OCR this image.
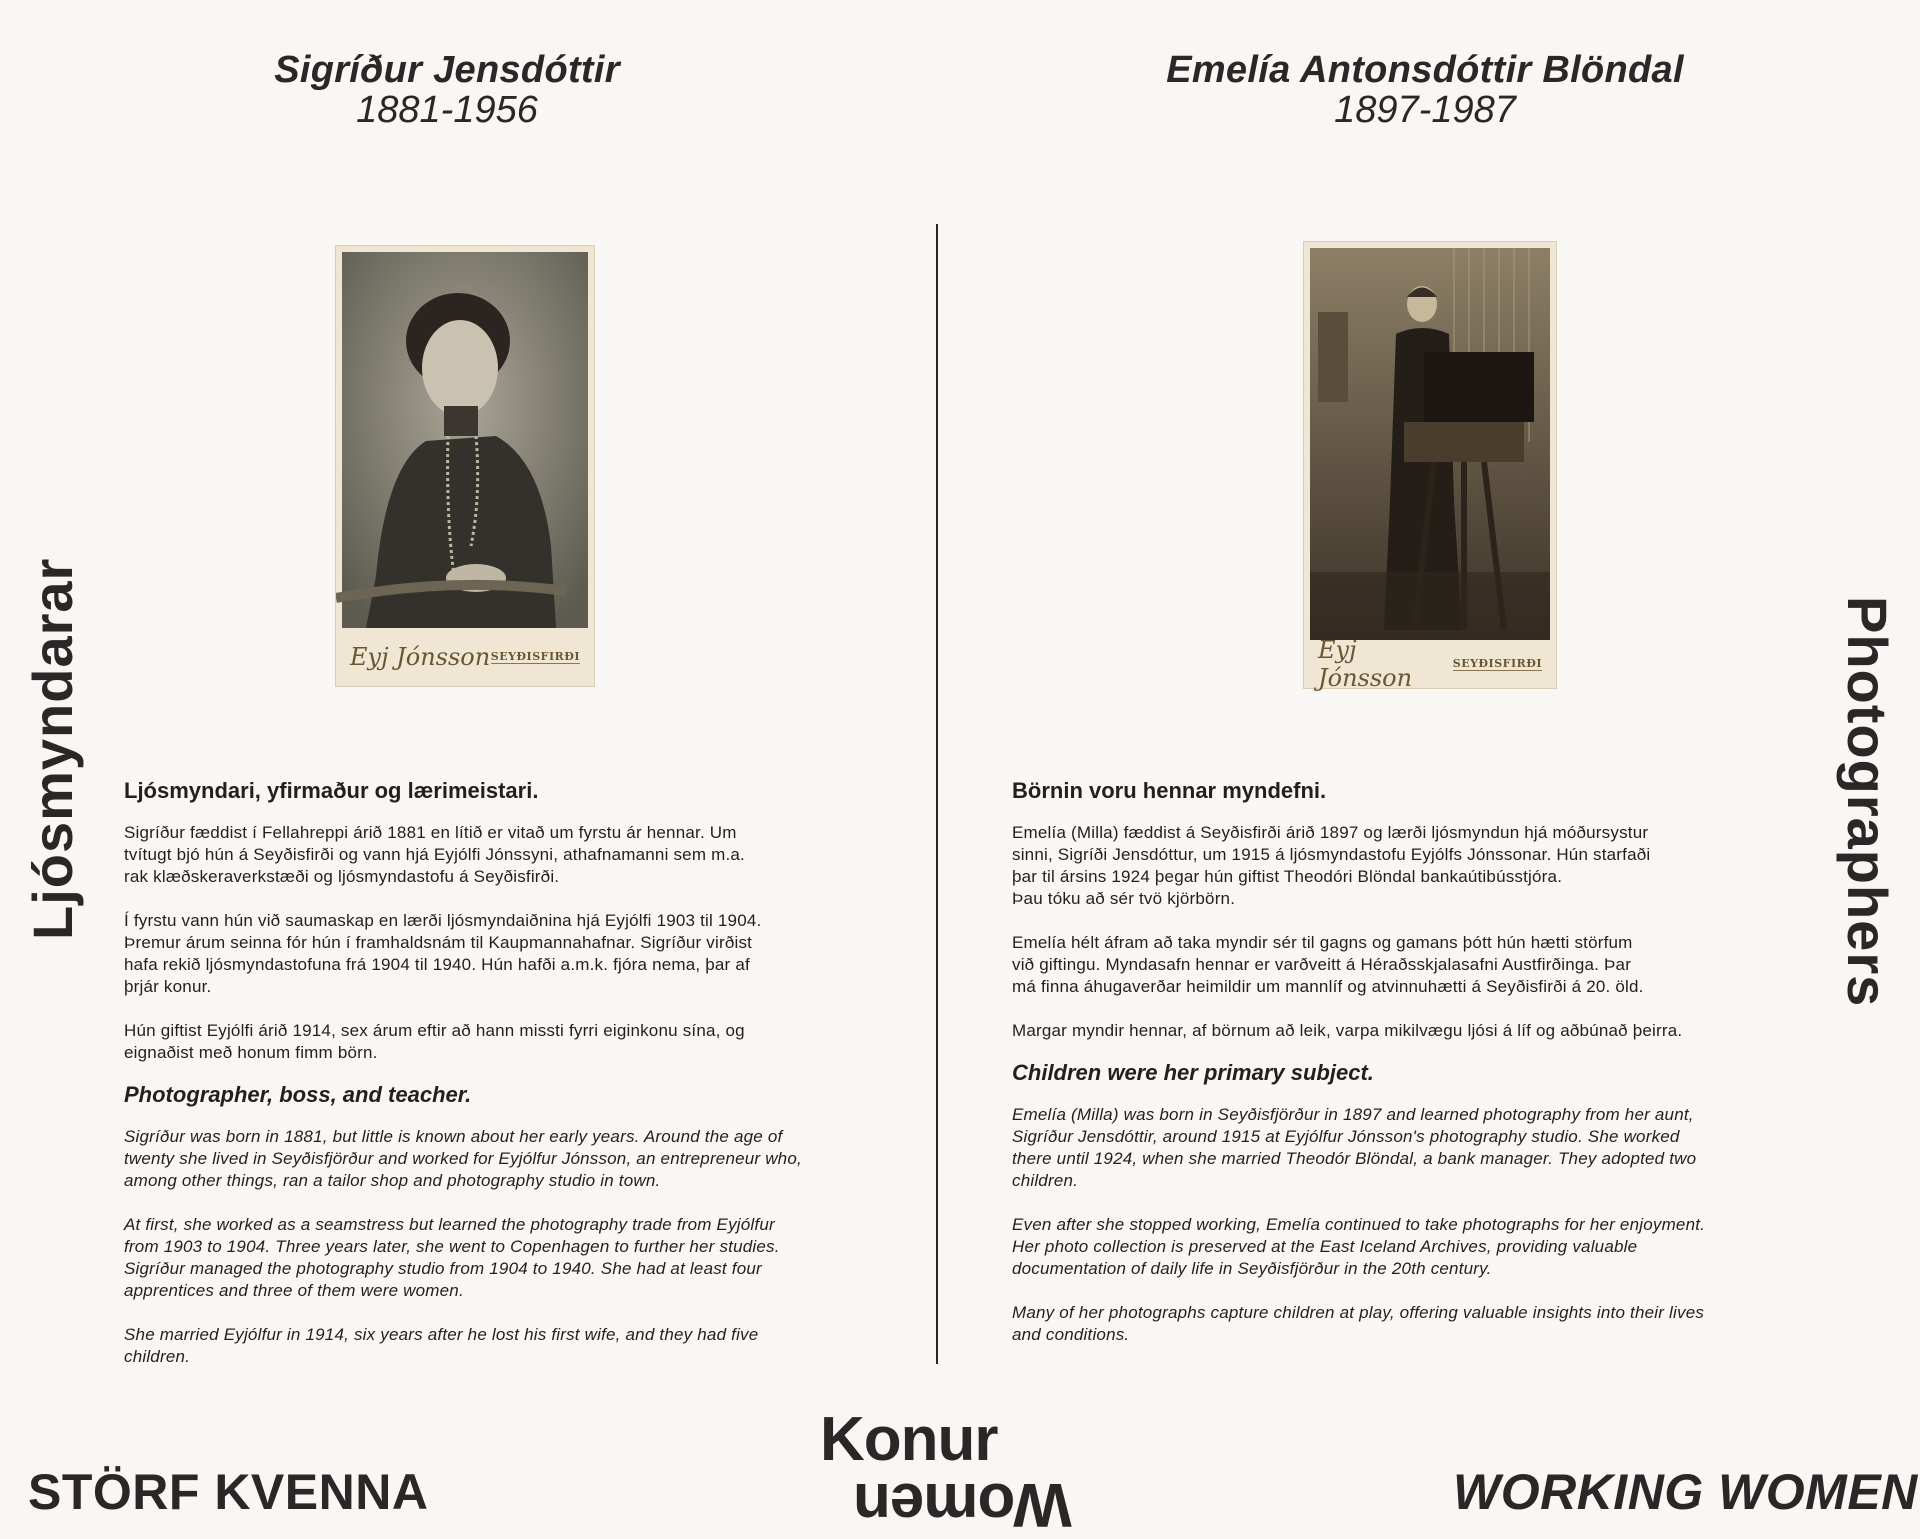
Sigríður Jensdóttir
1881-1956
Emelía Antonsdóttir Blöndal
1897-1987
Ljósmyndarar	Photographers
Eyj Jónsson SEYÐISFIRÐI	Eyj Jónsson
SEYÐISFIRÐI
Ljósmyndari, yfirmaður og lærimeistari.

Sigríður fæddist í Fellahreppi árið 1881 en lítið er vitað um fyrstu ár hennar. Um
tvítugt bjó hún á Seyðisfirði og vann hjá Eyjólfi Jónssyni, athafnamanni sem m.a.
rak klæðskeraverkstæði og ljósmyndastofu á Seyðisfirði.

Í fyrstu vann hún við saumaskap en lærði ljósmyndaiðnina hjá Eyjólfi 1903 til 1904.
Þremur árum seinna fór hún í framhaldsnám til Kaupmannahafnar. Sigríður virðist
hafa rekið ljósmyndastofuna frá 1904 til 1940. Hún hafði a.m.k. fjóra nema, þar af
þrjár konur.

Hún giftist Eyjólfi árið 1914, sex árum eftir að hann missti fyrri eiginkonu sína, og
eignaðist með honum fimm börn.

Photographer, boss, and teacher.

Sigríður was born in 1881, but little is known about her early years. Around the age of
twenty she lived in Seyðisfjörður and worked for Eyjólfur Jónsson, an entrepreneur who,
among other things, ran a tailor shop and photography studio in town.

At first, she worked as a seamstress but learned the photography trade from Eyjólfur
from 1903 to 1904. Three years later, she went to Copenhagen to further her studies.
Sigríður managed the photography studio from 1904 to 1940. She had at least four
apprentices and three of them were women.

She married Eyjólfur in 1914, six years after he lost his first wife, and they had five
children.

Börnin voru hennar myndefni.

Emelía (Milla) fæddist á Seyðisfirði árið 1897 og lærði ljósmyndun hjá móðursystur
sinni, Sigríði Jensdóttur, um 1915 á ljósmyndastofu Eyjólfs Jónssonar. Hún starfaði
þar til ársins 1924 þegar hún giftist Theodóri Blöndal bankaútibússtjóra.
Þau tóku að sér tvö kjörbörn.

Emelía hélt áfram að taka myndir sér til gagns og gamans þótt hún hætti störfum
við giftingu. Myndasafn hennar er varðveitt á Héraðsskjalasafni Austfirðinga. Þar
má finna áhugaverðar heimildir um mannlíf og atvinnuhætti á Seyðisfirði á 20. öld.

Margar myndir hennar, af börnum að leik, varpa mikilvægu ljósi á líf og aðbúnað þeirra.

Children were her primary subject.

Emelía (Milla) was born in Seyðisfjörður in 1897 and learned photography from her aunt,
Sigríður Jensdóttir, around 1915 at Eyjólfur Jónsson's photography studio. She worked
there until 1924, when she married Theodór Blöndal, a bank manager. They adopted two
children.

Even after she stopped working, Emelía continued to take photographs for her enjoyment.
Her photo collection is preserved at the East Iceland Archives, providing valuable
documentation of daily life in Seyðisfjörður in the 20th century.

Many of her photographs capture children at play, offering valuable insights into their lives
and conditions.

STÖRF KVENNA
Konur
Women	WORKING WOMEN
